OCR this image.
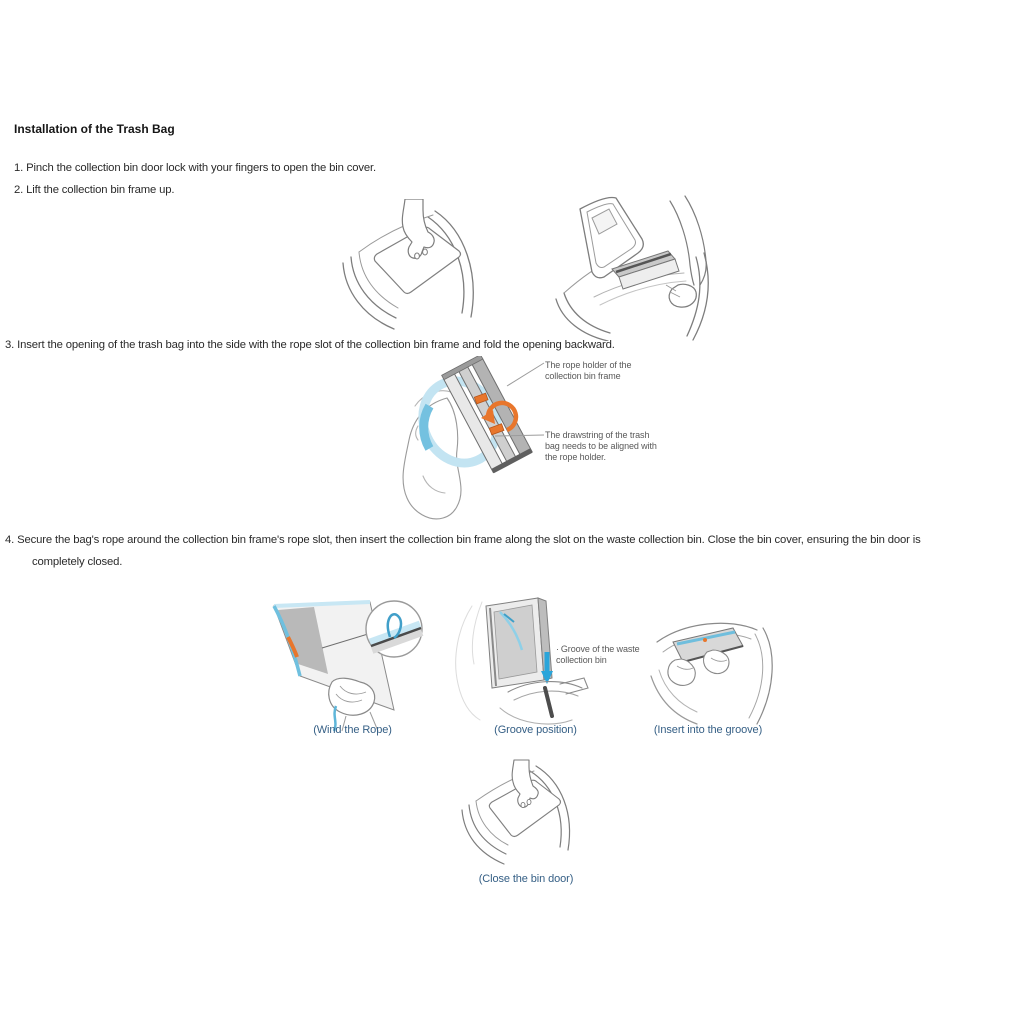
Installation of the Trash Bag
1. Pinch the collection bin door lock with your fingers to open the bin cover.
2. Lift the collection bin frame up.
3. Insert the opening of the trash bag into the side with the rope slot of the collection bin frame and fold the opening backward.
4. Secure the bag's rope around the collection bin frame's rope slot, then insert the collection bin frame along the slot on the waste collection bin. Close the bin cover, ensuring the bin door is
completely closed.
The rope holder of the collection bin frame
The drawstring of the trash bag needs to be aligned with the rope holder.
· Groove of the waste collection bin
(Wind the Rope)	(Groove position)	(Insert into the groove)
(Close the bin door)
